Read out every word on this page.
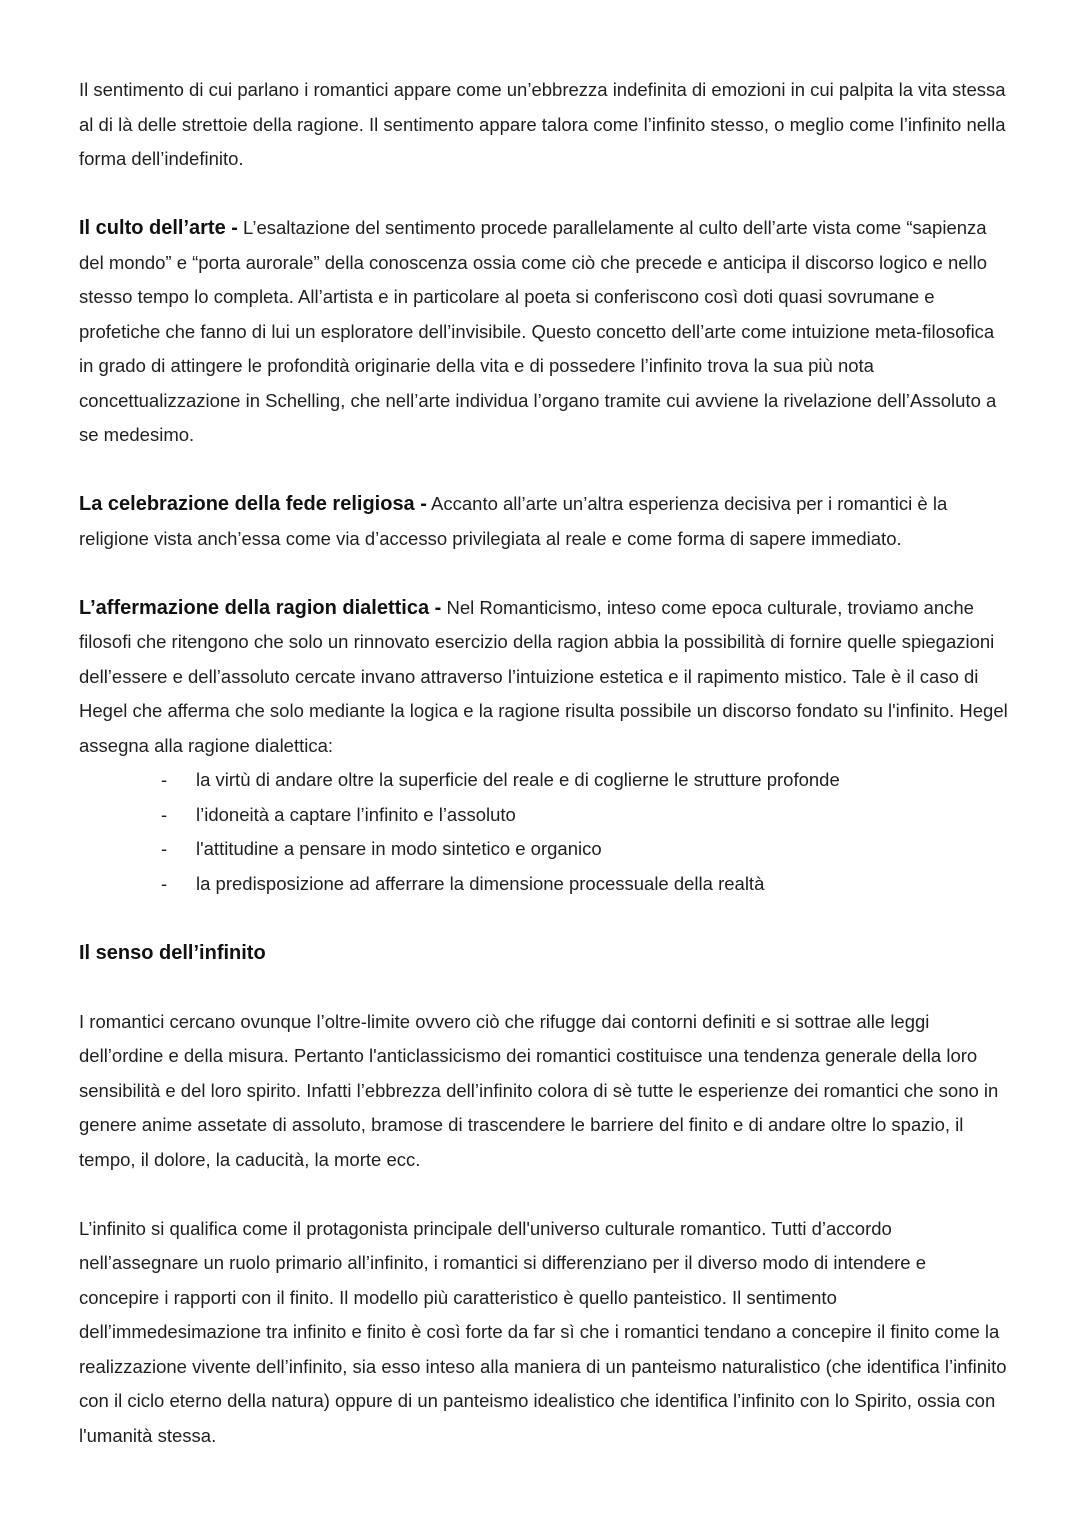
Il sentimento di cui parlano i romantici appare come un’ebbrezza indefinita di emozioni in cui palpita la vita stessa al di là delle strettoie della ragione. Il sentimento appare talora come l’infinito stesso, o meglio come l’infinito nella forma dell’indefinito.

Il culto dell’arte - L’esaltazione del sentimento procede parallelamente al culto dell’arte vista come “sapienza del mondo” e “porta aurorale” della conoscenza ossia come ciò che precede e anticipa il discorso logico e nello stesso tempo lo completa. All’artista e in particolare al poeta si conferiscono così doti quasi sovrumane e profetiche che fanno di lui un esploratore dell’invisibile. Questo concetto dell’arte come intuizione meta-filosofica in grado di attingere le profondità originarie della vita e di possedere l’infinito trova la sua più nota concettualizzazione in Schelling, che nell’arte individua l’organo tramite cui avviene la rivelazione dell’Assoluto a se medesimo.

La celebrazione della fede religiosa - Accanto all’arte un’altra esperienza decisiva per i romantici è la religione vista anch’essa come via d’accesso privilegiata al reale e come forma di sapere immediato.

L’affermazione della ragion dialettica - Nel Romanticismo, inteso come epoca culturale, troviamo anche filosofi che ritengono che solo un rinnovato esercizio della ragion abbia la possibilità di fornire quelle spiegazioni dell’essere e dell’assoluto cercate invano attraverso l’intuizione estetica e il rapimento mistico. Tale è il caso di Hegel che afferma che solo mediante la logica e la ragione risulta possibile un discorso fondato su l'infinito. Hegel assegna alla ragione dialettica:

- la virtù di andare oltre la superficie del reale e di coglierne le strutture profonde
- l’idoneità a captare l’infinito e l’assoluto
- l'attitudine a pensare in modo sintetico e organico
- la predisposizione ad afferrare la dimensione processuale della realtà

Il senso dell’infinito

I romantici cercano ovunque l’oltre-limite ovvero ciò che rifugge dai contorni definiti e si sottrae alle leggi dell’ordine e della misura. Pertanto l'anticlassicismo dei romantici costituisce una tendenza generale della loro sensibilità e del loro spirito. Infatti l’ebbrezza dell’infinito colora di sè tutte le esperienze dei romantici che sono in genere anime assetate di assoluto, bramose di trascendere le barriere del finito e di andare oltre lo spazio, il tempo, il dolore, la caducità, la morte ecc.

L’infinito si qualifica come il protagonista principale dell'universo culturale romantico. Tutti d’accordo nell’assegnare un ruolo primario all’infinito, i romantici si differenziano per il diverso modo di intendere e concepire i rapporti con il finito. Il modello più caratteristico è quello panteistico. Il sentimento dell’immedesimazione tra infinito e finito è così forte da far sì che i romantici tendano a concepire il finito come la realizzazione vivente dell’infinito, sia esso inteso alla maniera di un panteismo naturalistico (che identifica l’infinito con il ciclo eterno della natura) oppure di un panteismo idealistico che identifica l’infinito con lo Spirito, ossia con l'umanità stessa.
